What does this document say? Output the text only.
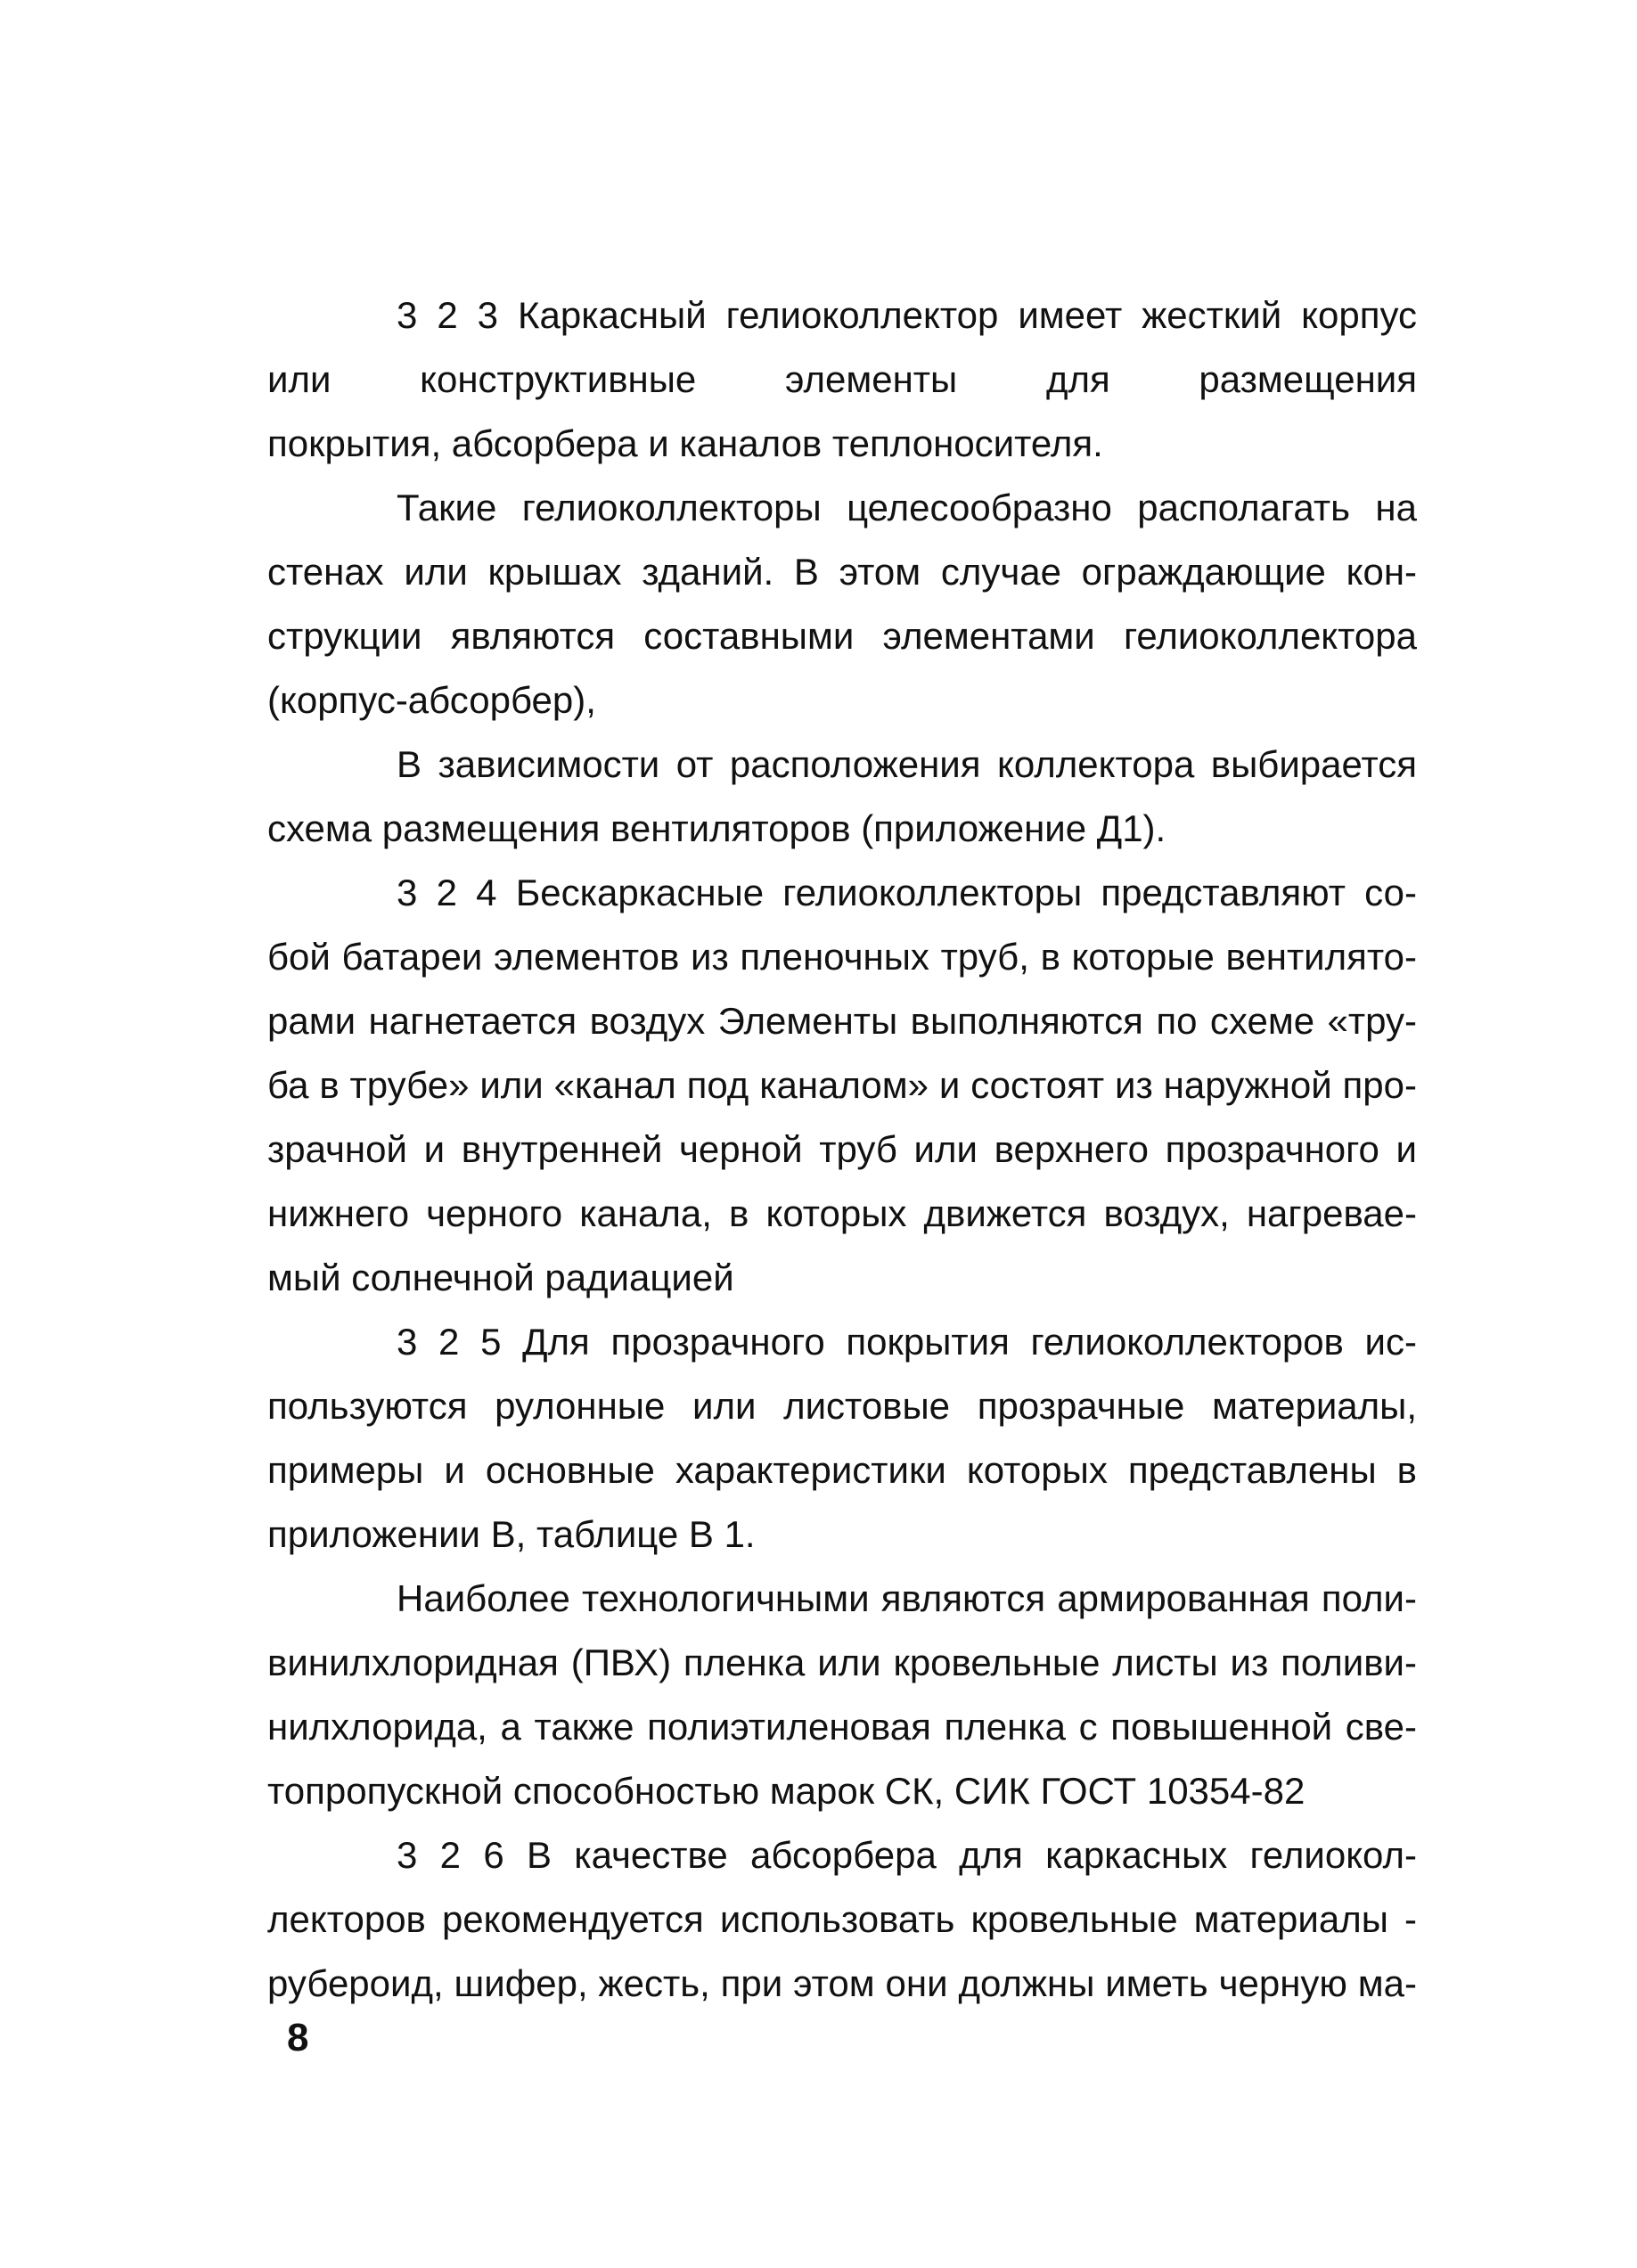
3 2 3 Каркасный гелиоколлектор имеет жесткий корпус
или конструктивные элементы для размещения
покрытия, абсорбера и каналов теплоносителя.
Такие гелиоколлекторы целесообразно располагать на
стенах или крышах зданий. В этом случае ограждающие кон-
струкции являются составными элементами гелиоколлектора
(корпус-абсорбер),
В зависимости от расположения коллектора выбирается
схема размещения вентиляторов (приложение Д1).
3 2 4 Бескаркасные гелиоколлекторы представляют со-
бой батареи элементов из пленочных труб, в которые вентилято-
рами нагнетается воздух Элементы выполняются по схеме «тру-
ба в трубе» или «канал под каналом» и состоят из наружной про-
зрачной и внутренней черной труб или верхнего прозрачного и
нижнего черного канала, в которых движется воздух, нагревае-
мый солнечной радиацией
3 2 5 Для прозрачного покрытия гелиоколлекторов ис-
пользуются рулонные или листовые прозрачные материалы,
примеры и основные характеристики которых представлены в
приложении В, таблице В 1.
Наиболее технологичными являются армированная поли-
винилхлоридная (ПВХ) пленка или кровельные листы из поливи-
нилхлорида, а также полиэтиленовая пленка с повышенной све-
топропускной способностью марок СК, СИК ГОСТ 10354-82
3 2 6 В качестве абсорбера для каркасных гелиокол-
лекторов рекомендуется использовать кровельные материалы -
рубероид, шифер, жесть, при этом они должны иметь черную ма-
8
